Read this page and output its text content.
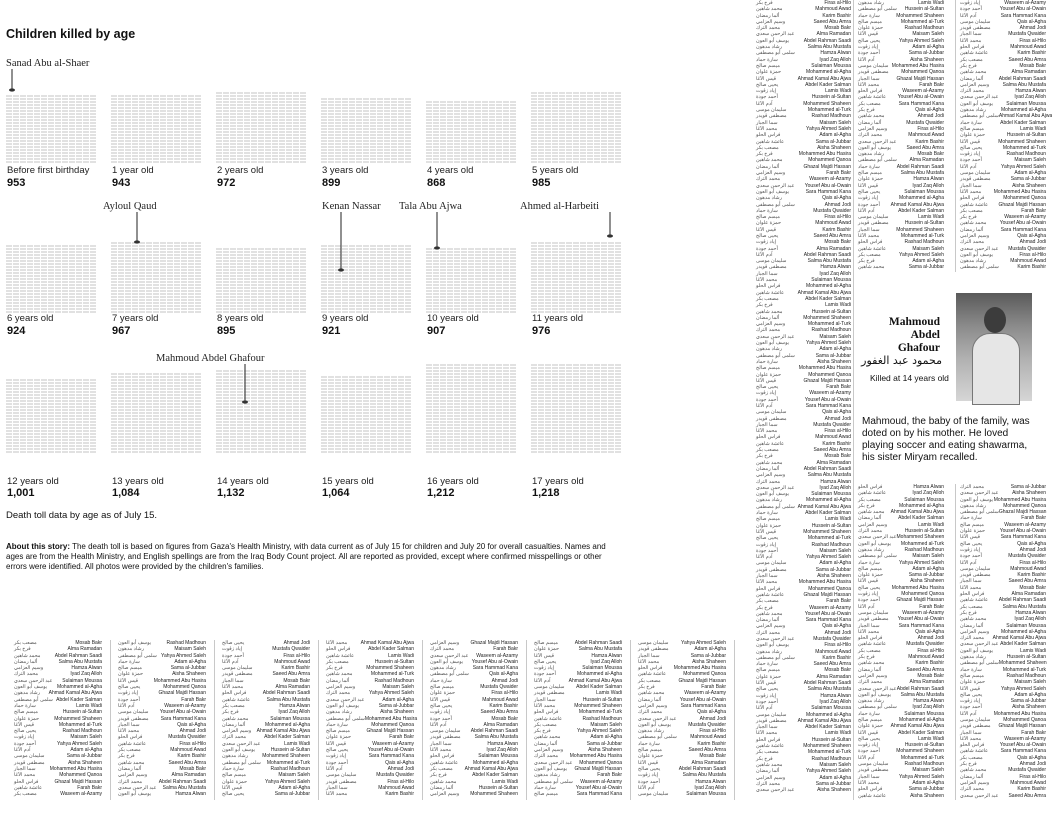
Children killed by age
Before first birthday
953
1 year old
943
2 years old
972
3 years old
899
4 years old
868
5 years old
985
6 years old
924
7 years old
967
8 years old
895
9 years old
921
10 years old
907
11 years old
976
12 years old
1,001
13 years old
1,084
14 years old
1,132
15 years old
1,064
16 years old
1,212
17 years old
1,218
Sanad Abu al-Shaer
Ayloul Qaud	Kenan Nassar Tala Abu Ajwa	Ahmed al-Harbeiti
Mahmoud Abdel Ghafour

Death toll data by age as of July 15.

About this story: The death toll is based on figures from Gaza's Health Ministry, with data current as of July 15 for children and July 20 for overall casualties. Names and ages are from the Health Ministry, and English spellings are from the Iraq Body Count project. All are reported as provided, except where confirmed misspellings or other errors were identified. All photos were provided by the children's families.

Mahmoud Abdel Ghafour
محمود عبد الغفور
Killed at 14 years old

Mahmoud, the baby of the family, was doted on by his mother. He loved playing soccer and eating shawarma, his sister Miryam recalled.

مصعب بكر	Mosab Bakr
فرح بكر	Alma Ramadan
محمد شاهين	Abdel Rahman Saadi
ألما رمضان	Salma Abu Mustafa
وسيم العزامي	Hamza Alwan
محمد الترك	Iyad Zaq Alloh
عبد الرحمن سعدي Sulaiman Moussa
يوسف أبو العون Mohammed al-Agha
رشاد مدهون Ahmad Kamal Abu Ajwa
سلمى أبو مصطفى Abdel Kader Salman
سارة حماد	Lamis Wadi
ميسم صالح	Hussein al-Sultan
حمزة علوان	Mohammed Shaheen
قيس الآغا	Mohammed al-Turk
يحيى صالح	Rashad Madhoun
إياد زقوت	Maisam Saleh
أحمد جودة	Yahya Ahmed Saleh
آدم الآغا	Adam al-Agha
سليمان موسى	Sama al-Jubbar
مصطفى قويدر	Aisha Shaheen
سما الجبار	Mohammed Abu Hasira
محمد الآغا	Mohammed Qanoa
فراس الحلو	Ghazal Majdi Hassan
عائشة شاهين	Farah Bakr
مصعب بكر	Waseem al-Azamy
يوسف أبو العون	Rashad Madhoun
رشاد مدهون	Maisam Saleh
سلمى أبو مصطفى Yahya Ahmed Saleh
سارة حماد	Adam al-Agha
ميسم صالح	Sama al-Jubbar
حمزة علوان	Aisha Shaheen
قيس الآغا	Mohammed Abu Hasira
يحيى صالح	Mohammed Qanoa
إياد زقوت	Ghazal Majdi Hassan
أحمد جودة	Farah Bakr
آدم الآغا	Waseem al-Azamy
سليمان موسى Yousef Abu al-Owain
مصطفى قويدر Sara Hammad Kana
سما الجبار	Qais al-Agha
محمد الآغا	Ahmad Jodi
فراس الحلو	Mustafa Qwaider
عائشة شاهين	Firas al-Hilo
مصعب بكر	Mahmoud Awad
فرح بكر	Karim Bashir
محمد شاهين	Saeed Abu Amra
ألما رمضان	Mosab Bakr
وسيم العزامي	Alma Ramadan
محمد الترك	Abdel Rahman Saadi
عبد الرحمن سعدي Salma Abu Mustafa
يوسف أبو العون	Hamza Alwan
يحيى صالح	Ahmad Jodi
إياد زقوت	Mustafa Qwaider
أحمد جودة	Firas al-Hilo
آدم الآغا	Mahmoud Awad
سليمان موسى	Karim Bashir
مصطفى قويدر	Saeed Abu Amra
سما الجبار	Mosab Bakr
محمد الآغا	Alma Ramadan
فراس الحلو	Abdel Rahman Saadi
عائشة شاهين	Salma Abu Mustafa
مصعب بكر	Hamza Alwan
فرح بكر	Iyad Zaq Alloh
محمد شاهين	Sulaiman Moussa
ألما رمضان	Mohammed al-Agha
وسيم العزامي Ahmad Kamal Abu Ajwa
محمد الترك	Abdel Kader Salman
عبد الرحمن سعدي	Lamis Wadi
يوسف أبو العون	Hussein al-Sultan
رشاد مدهون	Mohammed Shaheen
سلمى أبو مصطفى Mohammed al-Turk
سارة حماد	Rashad Madhoun
ميسم صالح	Maisam Saleh
حمزة علوان	Yahya Ahmed Saleh
قيس الآغا	Adam al-Agha
يحيى صالح	Sama al-Jubbar
محمد الآغا	Ahmad Kamal Abu Ajwa
فراس الحلو	Abdel Kader Salman
عائشة شاهين	Lamis Wadi
مصعب بكر	Hussein al-Sultan
فرح بكر	Mohammed Shaheen
محمد شاهين	Mohammed al-Turk
ألما رمضان	Rashad Madhoun
وسيم العزامي	Maisam Saleh
محمد الترك	Yahya Ahmed Saleh
عبد الرحمن سعدي	Adam al-Agha
يوسف أبو العون	Sama al-Jubbar
رشاد مدهون	Aisha Shaheen
سلمى أبو مصطفى Mohammed Abu Hasira
سارة حماد	Mohammed Qanoa
ميسم صالح	Ghazal Majdi Hassan
حمزة علوان	Farah Bakr
قيس الآغا	Waseem al-Azamy
يحيى صالح	Yousef Abu al-Owain
إياد زقوت	Sara Hammad Kana
أحمد جودة	Qais al-Agha
آدم الآغا	Ahmad Jodi
سليمان موسى	Mustafa Qwaider
مصطفى قويدر	Firas al-Hilo
سما الجبار	Mahmoud Awad
محمد الآغا	Karim Bashir
وسيم العزامي Ghazal Majdi Hassan
محمد الترك	Farah Bakr
عبد الرحمن سعدي Waseem al-Azamy
يوسف أبو العون Yousef Abu al-Owain
رشاد مدهون	Sara Hammad Kana
سلمى أبو مصطفى	Qais al-Agha
سارة حماد	Ahmad Jodi
ميسم صالح	Mustafa Qwaider
حمزة علوان	Firas al-Hilo
قيس الآغا	Mahmoud Awad
يحيى صالح	Karim Bashir
إياد زقوت	Saeed Abu Amra
أحمد جودة	Mosab Bakr
آدم الآغا	Alma Ramadan
سليمان موسى Abdel Rahman Saadi
مصطفى قويدر	Salma Abu Mustafa
سما الجبار	Hamza Alwan
محمد الآغا	Iyad Zaq Alloh
فراس الحلو	Sulaiman Moussa
عائشة شاهين	Mohammed al-Agha
مصعب بكر Ahmad Kamal Abu Ajwa
فرح بكر	Abdel Kader Salman
محمد شاهين	Lamis Wadi
ألما رمضان	Hussein al-Sultan
وسيم العزامي Mohammed Shaheen
ميسم صالح	Abdel Rahman Saadi
حمزة علوان	Salma Abu Mustafa
قيس الآغا	Hamza Alwan
يحيى صالح	Iyad Zaq Alloh
إياد زقوت	Sulaiman Moussa
أحمد جودة	Mohammed al-Agha
آدم الآغا	Ahmad Kamal Abu Ajwa
سليمان موسى Abdel Kader Salman
مصطفى قويدر	Lamis Wadi
سما الجبار	Hussein al-Sultan
محمد الآغا	Mohammed Shaheen
فراس الحلو	Mohammed al-Turk
عائشة شاهين	Rashad Madhoun
مصعب بكر	Maisam Saleh
فرح بكر	Yahya Ahmed Saleh
محمد شاهين	Adam al-Agha
ألما رمضان	Sama al-Jubbar
وسيم العزامي	Aisha Shaheen
محمد الترك Mohammed Abu Hasira
عبد الرحمن سعدي Mohammed Qanoa
يوسف أبو العون Ghazal Majdi Hassan
رشاد مدهون	Farah Bakr
سلمى أبو مصطفى Waseem al-Azamy
سارة حماد	Yousef Abu al-Owain
ميسم صالح	Sara Hammad Kana
سليمان موسى	Yahya Ahmed Saleh
مصطفى قويدر	Adam al-Agha
سما الجبار	Sama al-Jubbar
محمد الآغا	Aisha Shaheen
فراس الحلو Mohammed Abu Hasira
عائشة شاهين	Mohammed Qanoa
مصعب بكر	Ghazal Majdi Hassan
فرح بكر	Farah Bakr
محمد شاهين	Waseem al-Azamy
ألما رمضان	Yousef Abu al-Owain
وسيم العزامي	Sara Hammad Kana
محمد الترك	Qais al-Agha
عبد الرحمن سعدي	Ahmad Jodi
يوسف أبو العون	Mustafa Qwaider
رشاد مدهون	Firas al-Hilo
سلمى أبو مصطفى	Mahmoud Awad
سارة حماد	Karim Bashir
ميسم صالح	Saeed Abu Amra
حمزة علوان	Mosab Bakr
قيس الآغا	Alma Ramadan
يحيى صالح	Abdel Rahman Saadi
إياد زقوت	Salma Abu Mustafa
أحمد جودة	Hamza Alwan
آدم الآغا	Iyad Zaq Alloh
سليمان موسى	Sulaiman Moussa
فرح بكر	Firas al-Hilo
محمد شاهين	Mahmoud Awad
ألما رمضان	Karim Bashir
وسيم العزامي	Saeed Abu Amra
محمد الترك	Mosab Bakr
عبد الرحمن سعدي	Alma Ramadan
يوسف أبو العون	Abdel Rahman Saadi
رشاد مدهون	Salma Abu Mustafa
سلمى أبو مصطفى	Hamza Alwan
سارة حماد	Iyad Zaq Alloh
ميسم صالح	Sulaiman Moussa
حمزة علوان	Mohammed al-Agha
قيس الآغا	Ahmad Kamal Abu Ajwa
يحيى صالح	Abdel Kader Salman
إياد زقوت	Lamis Wadi
أحمد جودة	Hussein al-Sultan
آدم الآغا	Mohammed Shaheen
سليمان موسى	Mohammed al-Turk
مصطفى قويدر	Rashad Madhoun
سما الجبار	Maisam Saleh
محمد الآغا	Yahya Ahmed Saleh
فراس الحلو	Adam al-Agha
عائشة شاهين	Sama al-Jubbar
مصعب بكر	Aisha Shaheen
فرح بكر	Mohammed Abu Hasira
محمد شاهين	Mohammed Qanoa
ألما رمضان	Ghazal Majdi Hassan
وسيم العزامي	Farah Bakr
محمد الترك	Waseem al-Azamy
عبد الرحمن سعدي Yousef Abu al-Owain
يوسف أبو العون	Sara Hammad Kana
رشاد مدهون	Qais al-Agha
سلمى أبو مصطفى	Ahmad Jodi
سارة حماد	Mustafa Qwaider
ميسم صالح	Firas al-Hilo
حمزة علوان	Mahmoud Awad
قيس الآغا	Karim Bashir
يحيى صالح	Saeed Abu Amra
إياد زقوت	Mosab Bakr
أحمد جودة	Alma Ramadan
آدم الآغا	Abdel Rahman Saadi
سليمان موسى	Salma Abu Mustafa
مصطفى قويدر	Hamza Alwan
سما الجبار	Iyad Zaq Alloh
محمد الآغا	Sulaiman Moussa
فراس الحلو	Mohammed al-Agha
عائشة شاهين	Ahmad Kamal Abu Ajwa
مصعب بكر	Abdel Kader Salman
فرح بكر	Lamis Wadi
محمد شاهين	Hussein al-Sultan
ألما رمضان	Mohammed Shaheen
وسيم العزامي	Mohammed al-Turk
محمد الترك	Rashad Madhoun
عبد الرحمن سعدي	Maisam Saleh
يوسف أبو العون	Yahya Ahmed Saleh
رشاد مدهون	Adam al-Agha
سلمى أبو مصطفى	Sama al-Jubbar
سارة حماد	Aisha Shaheen
ميسم صالح	Mohammed Abu Hasira
حمزة علوان	Mohammed Qanoa
قيس الآغا	Ghazal Majdi Hassan
يحيى صالح	Farah Bakr
إياد زقوت	Waseem al-Azamy
أحمد جودة	Yousef Abu al-Owain
آدم الآغا	Sara Hammad Kana
سليمان موسى	Qais al-Agha
مصطفى قويدر	Ahmad Jodi
سما الجبار	Mustafa Qwaider
محمد الآغا	Firas al-Hilo
فراس الحلو	Mahmoud Awad
عائشة شاهين	Karim Bashir
مصعب بكر	Saeed Abu Amra
فرح بكر	Mosab Bakr
محمد شاهين	Alma Ramadan
ألما رمضان	Abdel Rahman Saadi
وسيم العزامي	Salma Abu Mustafa
محمد الترك	Hamza Alwan
عبد الرحمن سعدي	Iyad Zaq Alloh
يوسف أبو العون	Sulaiman Moussa
رشاد مدهون	Mohammed al-Agha
سلمى أبو مصطفى Ahmad Kamal Abu Ajwa
سارة حماد	Abdel Kader Salman
ميسم صالح	Lamis Wadi
حمزة علوان	Hussein al-Sultan
قيس الآغا	Mohammed Shaheen
يحيى صالح	Mohammed al-Turk
إياد زقوت	Rashad Madhoun
أحمد جودة	Maisam Saleh
آدم الآغا	Yahya Ahmed Saleh
سليمان موسى	Adam al-Agha
مصطفى قويدر	Sama al-Jubbar
سما الجبار	Aisha Shaheen
محمد الآغا	Mohammed Abu Hasira
فراس الحلو	Mohammed Qanoa
عائشة شاهين	Ghazal Majdi Hassan
مصعب بكر	Farah Bakr
فرح بكر	Waseem al-Azamy
محمد شاهين	Yousef Abu al-Owain
ألما رمضان	Sara Hammad Kana
وسيم العزامي	Qais al-Agha
محمد الترك	Ahmad Jodi
عبد الرحمن سعدي	Mustafa Qwaider
يوسف أبو العون	Firas al-Hilo
رشاد مدهون	Mahmoud Awad
سلمى أبو مصطفى	Karim Bashir
سارة حماد	Saeed Abu Amra
ميسم صالح	Mosab Bakr
حمزة علوان	Alma Ramadan
قيس الآغا	Abdel Rahman Saadi
يحيى صالح	Salma Abu Mustafa
إياد زقوت	Hamza Alwan
أحمد جودة	Iyad Zaq Alloh
آدم الآغا	Sulaiman Moussa
سليمان موسى	Mohammed al-Agha
مصطفى قويدر Ahmad Kamal Abu Ajwa
سما الجبار	Abdel Kader Salman
محمد الآغا	Lamis Wadi
فراس الحلو	Hussein al-Sultan
عائشة شاهين	Mohammed Shaheen
مصعب بكر	Mohammed al-Turk
فرح بكر	Rashad Madhoun
محمد شاهين	Maisam Saleh
ألما رمضان	Yahya Ahmed Saleh
وسيم العزامي	Adam al-Agha
محمد الترك	Sama al-Jubbar
عبد الرحمن سعدي	Aisha Shaheen
رشاد مدهون	Lamis Wadi
سلمى أبو مصطفى Hussein al-Sultan
سارة حماد	Mohammed Shaheen
ميسم صالح	Mohammed al-Turk
حمزة علوان	Rashad Madhoun
قيس الآغا	Maisam Saleh
يحيى صالح	Yahya Ahmed Saleh
إياد زقوت	Adam al-Agha
أحمد جودة	Sama al-Jubbar
آدم الآغا	Aisha Shaheen
سليمان موسى Mohammed Abu Hasira
مصطفى قويدر	Mohammed Qanoa
سما الجبار	Ghazal Majdi Hassan
محمد الآغا	Farah Bakr
فراس الحلو	Waseem al-Azamy
عائشة شاهين Yousef Abu al-Owain
مصعب بكر	Sara Hammad Kana
فرح بكر	Qais al-Agha
محمد شاهين	Ahmad Jodi
ألما رمضان	Mustafa Qwaider
وسيم العزامي	Firas al-Hilo
محمد الترك	Mahmoud Awad
عبد الرحمن سعدي	Karim Bashir
يوسف أبو العون	Saeed Abu Amra
رشاد مدهون	Mosab Bakr
سلمى أبو مصطفى	Alma Ramadan
سارة حماد	Abdel Rahman Saadi
ميسم صالح	Salma Abu Mustafa
حمزة علوان	Hamza Alwan
قيس الآغا	Iyad Zaq Alloh
يحيى صالح	Sulaiman Moussa
إياد زقوت	Mohammed al-Agha
أحمد جودة Ahmad Kamal Abu Ajwa
آدم الآغا	Abdel Kader Salman
سليمان موسى	Lamis Wadi
مصطفى قويدر	Hussein al-Sultan
سما الجبار	Mohammed Shaheen
محمد الآغا	Mohammed al-Turk
فراس الحلو	Rashad Madhoun
عائشة شاهين	Maisam Saleh
مصعب بكر	Yahya Ahmed Saleh
فرح بكر	Adam al-Agha
محمد شاهين	Sama al-Jubbar
إياد زقوت	Waseem al-Azamy
أحمد جودة	Yousef Abu al-Owain
آدم الآغا	Sara Hammad Kana
سليمان موسى	Qais al-Agha
مصطفى قويدر	Ahmad Jodi
سما الجبار	Mustafa Qwaider
محمد الآغا	Firas al-Hilo
فراس الحلو	Mahmoud Awad
عائشة شاهين	Karim Bashir
مصعب بكر	Saeed Abu Amra
فرح بكر	Mosab Bakr
محمد شاهين	Alma Ramadan
ألما رمضان	Abdel Rahman Saadi
وسيم العزامي	Salma Abu Mustafa
محمد الترك	Hamza Alwan
عبد الرحمن سعدي	Iyad Zaq Alloh
يوسف أبو العون	Sulaiman Moussa
رشاد مدهون	Mohammed al-Agha
سلمى أبو مصطفى Ahmad Kamal Abu Ajwa
سارة حماد	Abdel Kader Salman
ميسم صالح	Lamis Wadi
حمزة علوان	Hussein al-Sultan
قيس الآغا	Mohammed Shaheen
يحيى صالح	Mohammed al-Turk
إياد زقوت	Rashad Madhoun
أحمد جودة	Maisam Saleh
آدم الآغا	Yahya Ahmed Saleh
سليمان موسى	Adam al-Agha
مصطفى قويدر	Sama al-Jubbar
سما الجبار	Aisha Shaheen
محمد الآغا	Mohammed Abu Hasira
فراس الحلو	Mohammed Qanoa
عائشة شاهين Ghazal Majdi Hassan
مصعب بكر	Farah Bakr
فرح بكر	Waseem al-Azamy
محمد شاهين	Yousef Abu al-Owain
ألما رمضان	Sara Hammad Kana
وسيم العزامي	Qais al-Agha
محمد الترك	Ahmad Jodi
عبد الرحمن سعدي Mustafa Qwaider
يوسف أبو العون	Firas al-Hilo
رشاد مدهون	Mahmoud Awad
سلمى أبو مصطفى	Karim Bashir
فراس الحلو	Hamza Alwan
عائشة شاهين	Iyad Zaq Alloh
مصعب بكر	Sulaiman Moussa
فرح بكر	Mohammed al-Agha
محمد شاهين Ahmad Kamal Abu Ajwa
ألما رمضان	Abdel Kader Salman
وسيم العزامي	Lamis Wadi
محمد الترك	Hussein al-Sultan
عبد الرحمن سعدي Mohammed Shaheen
يوسف أبو العون Mohammed al-Turk
رشاد مدهون	Rashad Madhoun
سلمى أبو مصطفى	Maisam Saleh
سارة حماد	Yahya Ahmed Saleh
ميسم صالح	Adam al-Agha
حمزة علوان	Sama al-Jubbar
قيس الآغا	Aisha Shaheen
يحيى صالح Mohammed Abu Hasira
إياد زقوت	Mohammed Qanoa
أحمد جودة	Ghazal Majdi Hassan
آدم الآغا	Farah Bakr
سليمان موسى	Waseem al-Azamy
مصطفى قويدر Yousef Abu al-Owain
سما الجبار	Sara Hammad Kana
محمد الآغا	Qais al-Agha
فراس الحلو	Ahmad Jodi
عائشة شاهين	Mustafa Qwaider
مصعب بكر	Firas al-Hilo
فرح بكر	Mahmoud Awad
محمد شاهين	Karim Bashir
ألما رمضان	Saeed Abu Amra
وسيم العزامي	Mosab Bakr
محمد الترك	Alma Ramadan
عبد الرحمن سعدي Abdel Rahman Saadi
يوسف أبو العون Salma Abu Mustafa
رشاد مدهون	Hamza Alwan
سلمى أبو مصطفى	Iyad Zaq Alloh
سارة حماد	Sulaiman Moussa
ميسم صالح	Mohammed al-Agha
حمزة علوان Ahmad Kamal Abu Ajwa
قيس الآغا	Abdel Kader Salman
يحيى صالح	Lamis Wadi
إياد زقوت	Hussein al-Sultan
أحمد جودة	Mohammed Shaheen
آدم الآغا	Mohammed al-Turk
سليمان موسى	Rashad Madhoun
مصطفى قويدر	Maisam Saleh
سما الجبار	Yahya Ahmed Saleh
محمد الآغا	Adam al-Agha
فراس الحلو	Sama al-Jubbar
عائشة شاهين	Aisha Shaheen
محمد الترك	Sama al-Jubbar
عبد الرحمن سعدي	Aisha Shaheen
يوسف أبو العون Mohammed Abu Hasira
رشاد مدهون	Mohammed Qanoa
سلمى أبو مصطفى Ghazal Majdi Hassan
سارة حماد	Farah Bakr
ميسم صالح	Waseem al-Azamy
حمزة علوان	Yousef Abu al-Owain
قيس الآغا	Sara Hammad Kana
يحيى صالح	Qais al-Agha
إياد زقوت	Ahmad Jodi
أحمد جودة	Mustafa Qwaider
آدم الآغا	Firas al-Hilo
سليمان موسى	Mahmoud Awad
مصطفى قويدر	Karim Bashir
سما الجبار	Saeed Abu Amra
محمد الآغا	Mosab Bakr
فراس الحلو	Alma Ramadan
عائشة شاهين Abdel Rahman Saadi
مصعب بكر	Salma Abu Mustafa
فرح بكر	Hamza Alwan
محمد شاهين	Iyad Zaq Alloh
ألما رمضان	Sulaiman Moussa
وسيم العزامي Mohammed al-Agha
محمد الترك Ahmad Kamal Abu Ajwa
عبد الرحمن سعدي Abdel Kader Salman
يوسف أبو العون	Lamis Wadi
رشاد مدهون	Hussein al-Sultan
سلمى أبو مصطفى Mohammed Shaheen
سارة حماد	Mohammed al-Turk
ميسم صالح	Rashad Madhoun
حمزة علوان	Maisam Saleh
قيس الآغا	Yahya Ahmed Saleh
يحيى صالح	Adam al-Agha
إياد زقوت	Sama al-Jubbar
أحمد جودة	Aisha Shaheen
آدم الآغا	Mohammed Abu Hasira
سليمان موسى	Mohammed Qanoa
مصطفى قويدر Ghazal Majdi Hassan
سما الجبار	Farah Bakr
محمد الآغا	Waseem al-Azamy
فراس الحلو	Yousef Abu al-Owain
عائشة شاهين	Sara Hammad Kana
مصعب بكر	Qais al-Agha
فرح بكر	Ahmad Jodi
محمد شاهين	Mustafa Qwaider
ألما رمضان	Firas al-Hilo
وسيم العزامي	Mahmoud Awad
محمد الترك	Karim Bashir
عبد الرحمن سعدي Saeed Abu Amra
